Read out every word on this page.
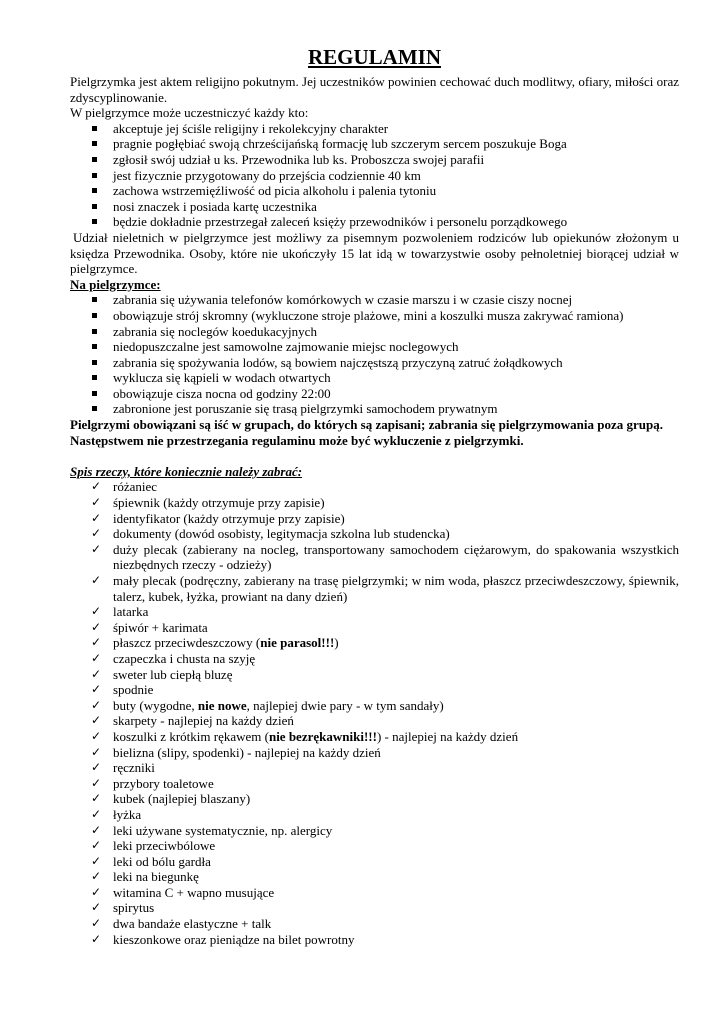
REGULAMIN

Pielgrzymka jest aktem religijno pokutnym. Jej uczestników powinien cechować duch modlitwy, ofiary, miłości oraz zdyscyplinowanie.

W pielgrzymce może uczestniczyć każdy kto:

akceptuje jej ściśle religijny i rekolekcyjny charakter
pragnie pogłębiać swoją chrześcijańską formację lub szczerym sercem poszukuje Boga
zgłosił swój udział u ks. Przewodnika lub ks. Proboszcza swojej parafii
jest fizycznie przygotowany do przejścia codziennie 40 km
zachowa wstrzemięźliwość od picia alkoholu i palenia tytoniu
nosi znaczek i posiada kartę uczestnika
będzie dokładnie przestrzegał zaleceń księży przewodników i personelu porządkowego

Udział nieletnich w pielgrzymce jest możliwy za pisemnym pozwoleniem rodziców lub opiekunów złożonym u księdza Przewodnika. Osoby, które nie ukończyły 15 lat idą w towarzystwie osoby pełnoletniej biorącej udział w pielgrzymce.

Na pielgrzymce:

zabrania się używania telefonów komórkowych w czasie marszu i w czasie ciszy nocnej
obowiązuje strój skromny (wykluczone stroje plażowe, mini a koszulki musza zakrywać ramiona)
zabrania się noclegów koedukacyjnych
niedopuszczalne jest samowolne zajmowanie miejsc noclegowych
zabrania się spożywania lodów, są bowiem najczęstszą przyczyną zatruć żołądkowych
wyklucza się kąpieli w wodach otwartych
obowiązuje cisza nocna od godziny 22:00
zabronione jest poruszanie się trasą pielgrzymki samochodem prywatnym

Pielgrzymi obowiązani są iść w grupach, do których są zapisani; zabrania się pielgrzymowania poza grupą.

Następstwem nie przestrzegania regulaminu może być wykluczenie z pielgrzymki.

Spis rzeczy, które koniecznie należy zabrać:

✓ różaniec
✓ śpiewnik (każdy otrzymuje przy zapisie)
✓ identyfikator (każdy otrzymuje przy zapisie)
✓ dokumenty (dowód osobisty, legitymacja szkolna lub studencka)
✓ duży plecak (zabierany na nocleg, transportowany samochodem ciężarowym, do spakowania wszystkich niezbędnych rzeczy - odzieży)
✓ mały plecak (podręczny, zabierany na trasę pielgrzymki; w nim woda, płaszcz przeciwdeszczowy, śpiewnik, talerz, kubek, łyżka, prowiant na dany dzień)
✓ latarka
✓ śpiwór + karimata
✓ płaszcz przeciwdeszczowy (nie parasol!!!)
✓ czapeczka i chusta na szyję
✓ sweter lub ciepłą bluzę
✓ spodnie
✓ buty (wygodne, nie nowe, najlepiej dwie pary - w tym sandały)
✓ skarpety - najlepiej na każdy dzień
✓ koszulki z krótkim rękawem (nie bezrękawniki!!!) - najlepiej na każdy dzień
✓ bielizna (slipy, spodenki) - najlepiej na każdy dzień
✓ ręczniki
✓ przybory toaletowe
✓ kubek (najlepiej blaszany)
✓ łyżka
✓ leki używane systematycznie, np. alergicy
✓ leki przeciwbólowe
✓ leki od bólu gardła
✓ leki na biegunkę
✓ witamina C + wapno musujące
✓ spirytus
✓ dwa bandaże elastyczne + talk
✓ kieszonkowe oraz pieniądze na bilet powrotny
